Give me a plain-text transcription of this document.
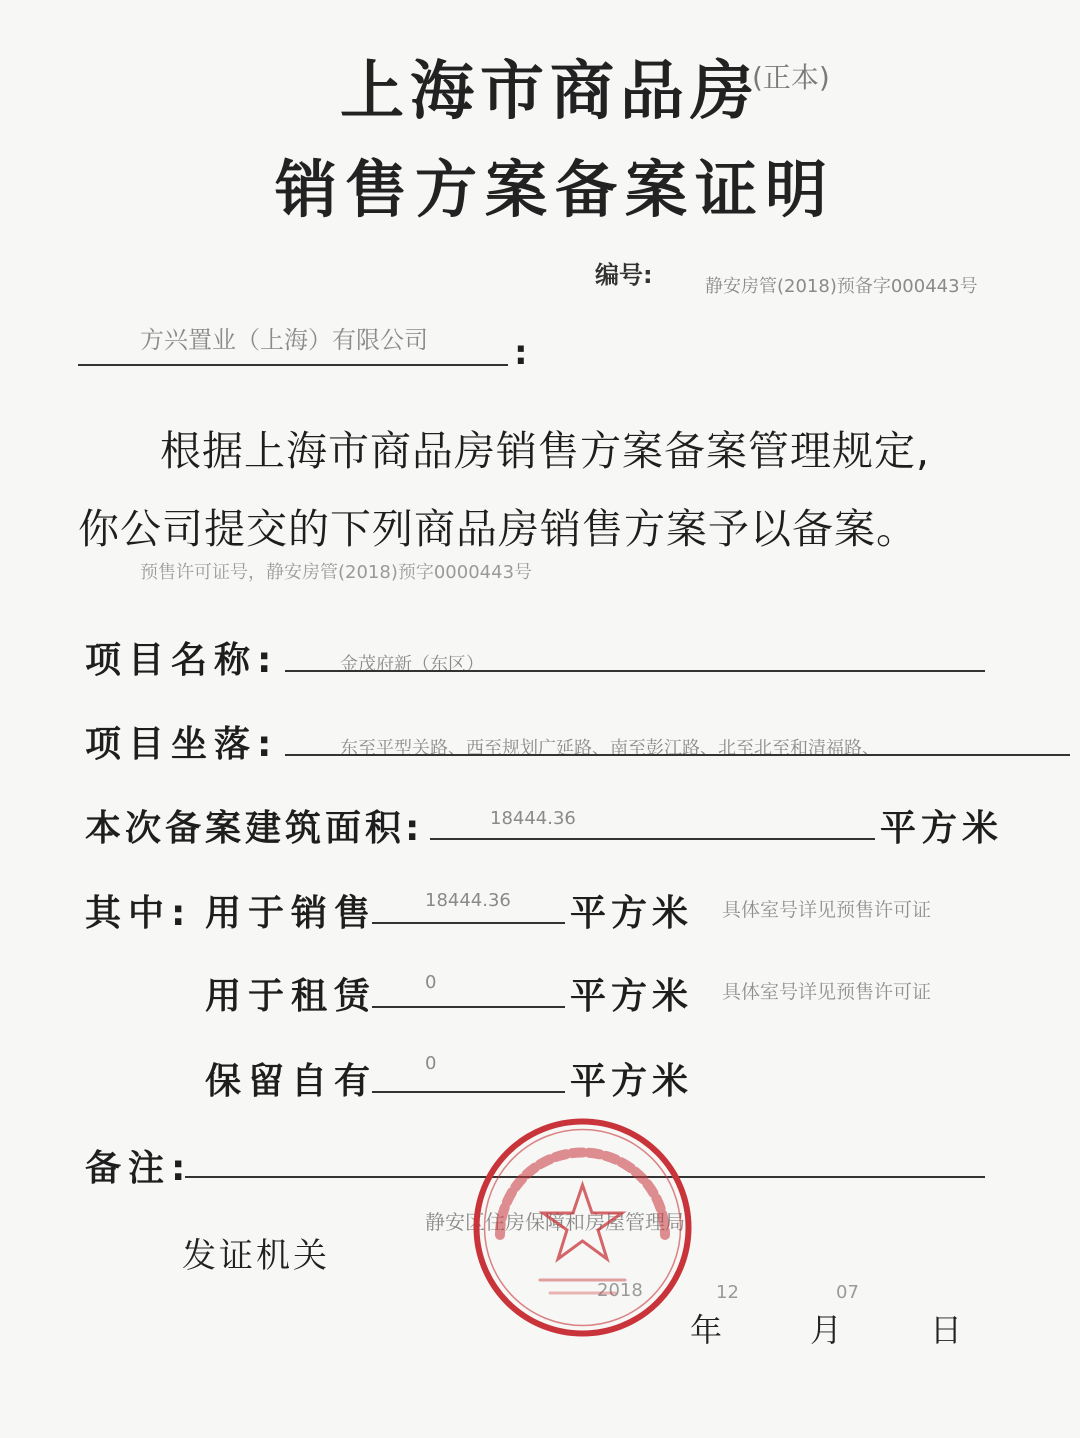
上海市商品房
(正本)
销售方案备案证明
编号:	静安房管(2018)预备字000443号
方兴置业（上海）有限公司	:
根据上海市商品房销售方案备案管理规定,
你公司提交的下列商品房销售方案予以备案。
预售许可证号，静安房管(2018)预字0000443号
项目名称:	金茂府新（东区）
项目坐落:	东至平型关路、西至规划广延路、南至彭江路、北至北至和清福路、
本次备案建筑面积:	18444.36	平方米
其中: 用于销售	18444.36 平方米 具体室号详见预售许可证
用于租赁	0	平方米 具体室号详见预售许可证
保留自有	0	平方米
备注:
发证机关
静安区住房保障和房屋管理局
2018	12	07
年	月	日
